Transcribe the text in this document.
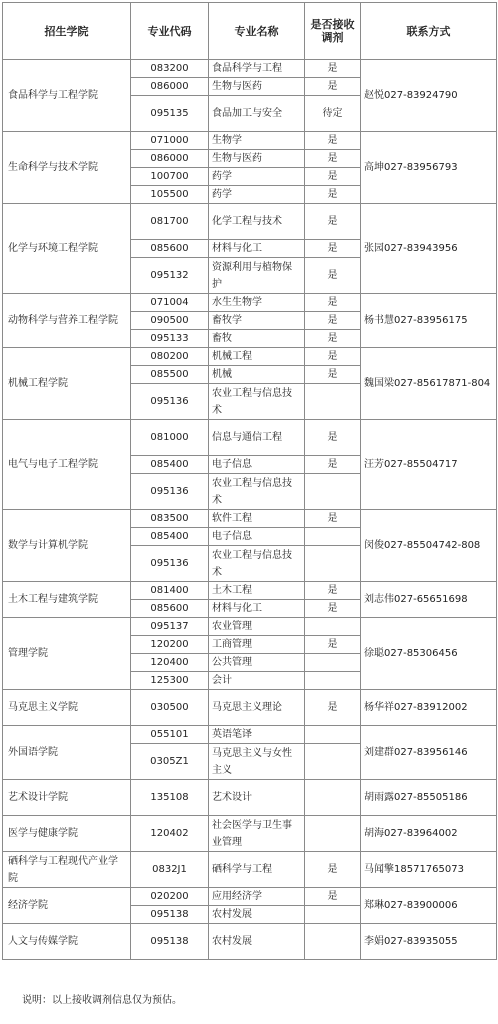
招生学院	专业代码	专业名称	是否接收调剂	联系方式
食品科学与工程学院	083200	食品科学与工程	是	赵悦027-83924790
	086000	生物与医药	是	
	095135	食品加工与安全	待定	
生命科学与技术学院	071000	生物学	是	高坤027-83956793
	086000	生物与医药	是	
	100700	药学	是	
	105500	药学	是	
化学与环境工程学院	081700	化学工程与技术	是	张园027-83943956
	085600	材料与化工	是	
	095132	资源利用与植物保护	是	
动物科学与营养工程学院	071004	水生生物学	是	杨书慧027-83956175
	090500	畜牧学	是	
	095133	畜牧	是	
机械工程学院	080200	机械工程	是	魏国梁027-85617871-804
	085500	机械	是	
	095136	农业工程与信息技术		
电气与电子工程学院	081000	信息与通信工程	是	汪芳027-85504717
	085400	电子信息	是	
	095136	农业工程与信息技术		
数学与计算机学院	083500	软件工程	是	闵俊027-85504742-808
	085400	电子信息		
	095136	农业工程与信息技术		
土木工程与建筑学院	081400	土木工程	是	刘志伟027-65651698
	085600	材料与化工	是	
管理学院	095137	农业管理		徐聪027-85306456
	120200	工商管理	是	
	120400	公共管理		
	125300	会计		
马克思主义学院	030500	马克思主义理论	是	杨华祥027-83912002
外国语学院	055101	英语笔译		刘建群027-83956146
	0305Z1	马克思主义与女性主义		
艺术设计学院	135108	艺术设计		胡雨露027-85505186
医学与健康学院	120402	社会医学与卫生事业管理		胡海027-83964002
硒科学与工程现代产业学院	0832J1	硒科学与工程	是	马闻擎18571765073
经济学院	020200	应用经济学	是	郑琳027-83900006
	095138	农村发展		
人文与传媒学院	095138	农村发展		李娟027-83935055
说明：以上接收调剂信息仅为预估。
